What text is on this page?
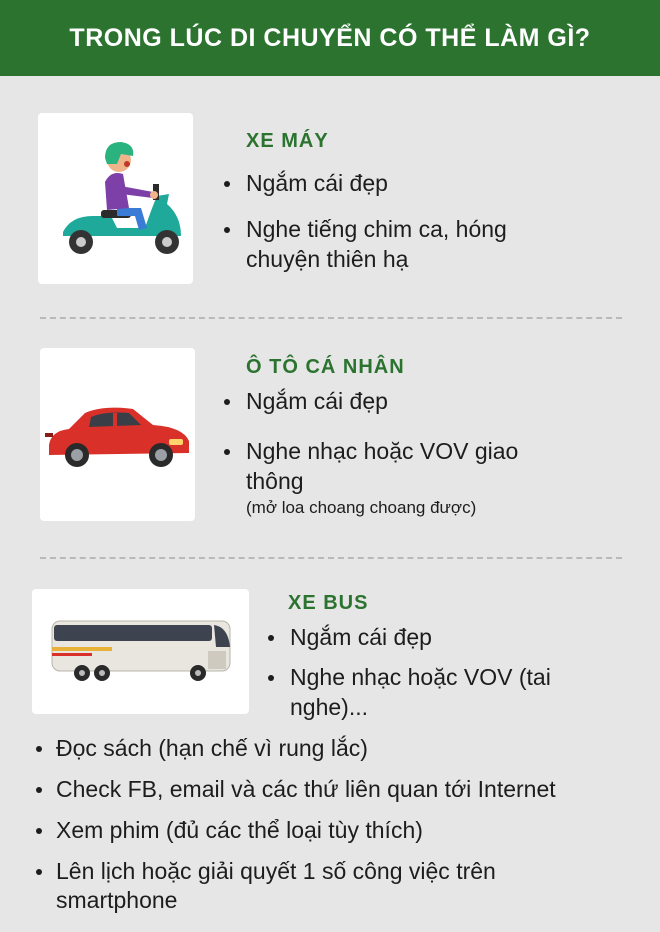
TRONG LÚC DI CHUYỂN CÓ THỂ LÀM GÌ?
XE MÁY
Ngắm cái đẹp
Nghe tiếng chim ca, hóng chuyện thiên hạ
Ô TÔ CÁ NHÂN
Ngắm cái đẹp
Nghe nhạc hoặc VOV giao thông
(mở loa choang choang được)
XE BUS
Ngắm cái đẹp
Nghe nhạc hoặc VOV (tai nghe)...
Đọc sách (hạn chế vì rung lắc)
Check FB, email và các thứ liên quan tới Internet
Xem phim (đủ các thể loại tùy thích)
Lên lịch hoặc giải quyết 1 số công việc trên smartphone
